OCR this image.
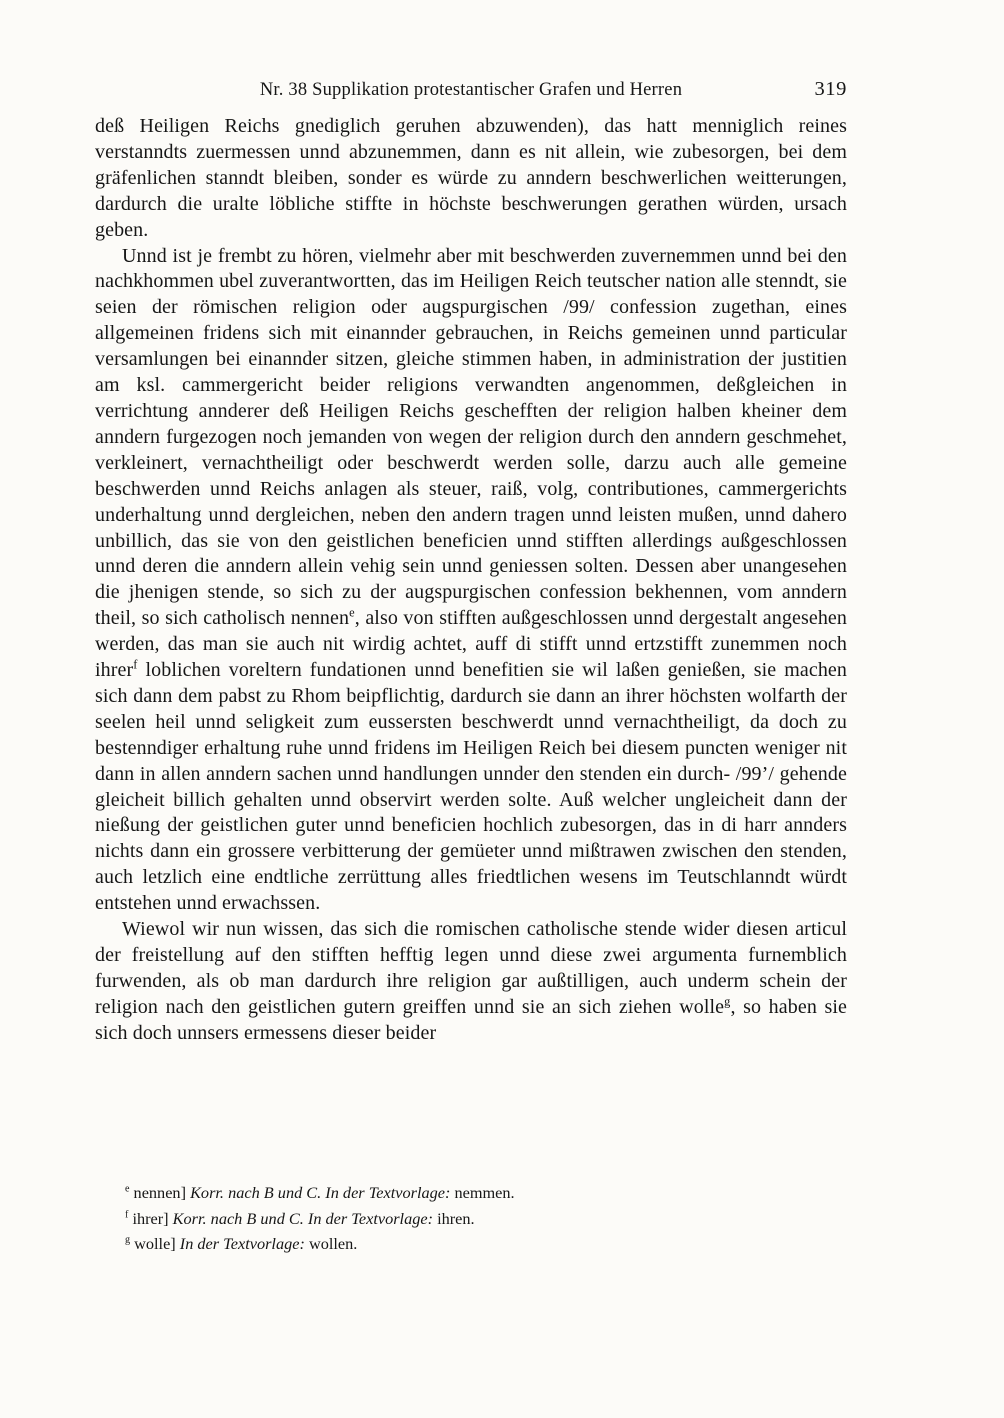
Nr. 38 Supplikation protestantischer Grafen und Herren	319

deß Heiligen Reichs gnediglich geruhen abzuwenden), das hatt menniglich reines verstanndts zuermessen unnd abzunemmen, dann es nit allein, wie zubesorgen, bei dem gräfenlichen stanndt bleiben, sonder es würde zu anndern beschwerlichen weitterungen, dardurch die uralte löbliche stiffte in höchste beschwerungen gerathen würden, ursach geben.

Unnd ist je frembt zu hören, vielmehr aber mit beschwerden zuvernemmen unnd bei den nachkhommen ubel zuverantwortten, das im Heiligen Reich teutscher nation alle stenndt, sie seien der römischen religion oder augspurgischen /99/ confession zugethan, eines allgemeinen fridens sich mit einannder gebrauchen, in Reichs gemeinen unnd particular versamlungen bei einannder sitzen, gleiche stimmen haben, in administration der justitien am ksl. cammergericht beider religions verwandten angenommen, deßgleichen in verrichtung annderer deß Heiligen Reichs geschefften der religion halben kheiner dem anndern furgezogen noch jemanden von wegen der religion durch den anndern geschmehet, verkleinert, vernachtheiligt oder beschwerdt werden solle, darzu auch alle gemeine beschwerden unnd Reichs anlagen als steuer, raiß, volg, contributiones, cammergerichts underhaltung unnd dergleichen, neben den andern tragen unnd leisten mußen, unnd dahero unbillich, das sie von den geistlichen beneficien unnd stifften allerdings außgeschlossen unnd deren die anndern allein vehig sein unnd geniessen solten. Dessen aber unangesehen die jhenigen stende, so sich zu der augspurgischen confession bekhennen, vom anndern theil, so sich catholisch nennen$^e$, also von stifften außgeschlossen unnd dergestalt angesehen werden, das man sie auch nit wirdig achtet, auff di stifft unnd ertzstifft zunemmen noch ihrer$^f$ loblichen voreltern fundationen unnd benefitien sie wil laßen genießen, sie machen sich dann dem pabst zu Rhom beipflichtig, dardurch sie dann an ihrer höchsten wolfarth der seelen heil unnd seligkeit zum eussersten beschwerdt unnd vernachtheiligt, da doch zu bestenndiger erhaltung ruhe unnd fridens im Heiligen Reich bei diesem puncten weniger nit dann in allen anndern sachen unnd handlungen unnder den stenden ein durch- /99’/ gehende gleicheit billich gehalten unnd observirt werden solte. Auß welcher ungleicheit dann der nießung der geistlichen guter unnd beneficien hochlich zubesorgen, das in di harr annders nichts dann ein grossere verbitterung der gemüeter unnd mißtrawen zwischen den stenden, auch letzlich eine endtliche zerrüttung alles friedtlichen wesens im Teutschlanndt würdt entstehen unnd erwachssen.

Wiewol wir nun wissen, das sich die romischen catholische stende wider diesen articul der freistellung auf den stifften hefftig legen unnd diese zwei argumenta furnemblich furwenden, als ob man dardurch ihre religion gar außtilligen, auch underm schein der religion nach den geistlichen gutern greiffen unnd sie an sich ziehen wolle$^g$, so haben sie sich doch unnsers ermessens dieser beider

$^e$ nennen] Korr. nach B und C. In der Textvorlage: nemmen.

$^f$ ihrer] Korr. nach B und C. In der Textvorlage: ihren.

$^g$ wolle] In der Textvorlage: wollen.
